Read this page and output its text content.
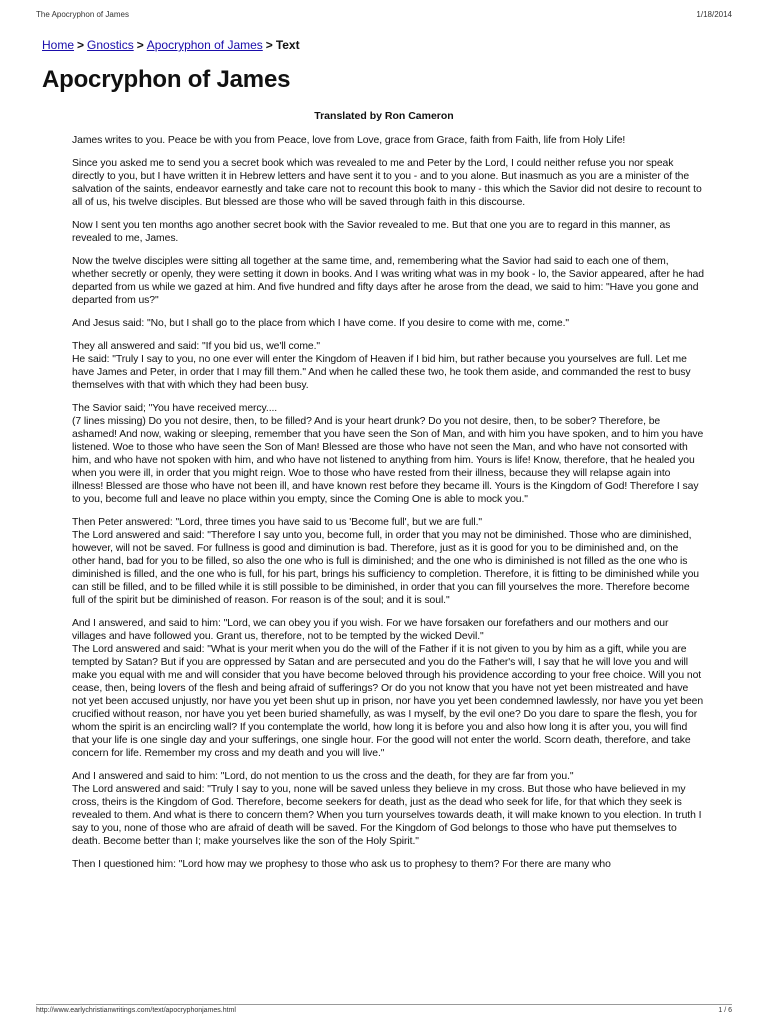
The Apocryphon of James	1/18/2014
Home > Gnostics > Apocryphon of James > Text
Apocryphon of James
Translated by Ron Cameron

James writes to you. Peace be with you from Peace, love from Love, grace from Grace, faith from Faith, life from Holy Life!

Since you asked me to send you a secret book which was revealed to me and Peter by the Lord, I could neither refuse you nor speak directly to you, but I have written it in Hebrew letters and have sent it to you - and to you alone. But inasmuch as you are a minister of the salvation of the saints, endeavor earnestly and take care not to recount this book to many - this which the Savior did not desire to recount to all of us, his twelve disciples. But blessed are those who will be saved through faith in this discourse.

Now I sent you ten months ago another secret book with the Savior revealed to me. But that one you are to regard in this manner, as revealed to me, James.

Now the twelve disciples were sitting all together at the same time, and, remembering what the Savior had said to each one of them, whether secretly or openly, they were setting it down in books. And I was writing what was in my book - lo, the Savior appeared, after he had departed from us while we gazed at him. And five hundred and fifty days after he arose from the dead, we said to him: "Have you gone and departed from us?"

And Jesus said: "No, but I shall go to the place from which I have come. If you desire to come with me, come."

They all answered and said: "If you bid us, we'll come."
He said: "Truly I say to you, no one ever will enter the Kingdom of Heaven if I bid him, but rather because you yourselves are full. Let me have James and Peter, in order that I may fill them." And when he called these two, he took them aside, and commanded the rest to busy themselves with that with which they had been busy.

The Savior said; "You have received mercy....
(7 lines missing) Do you not desire, then, to be filled? And is your heart drunk? Do you not desire, then, to be sober? Therefore, be ashamed! And now, waking or sleeping, remember that you have seen the Son of Man, and with him you have spoken, and to him you have listened. Woe to those who have seen the Son of Man! Blessed are those who have not seen the Man, and who have not consorted with him, and who have not spoken with him, and who have not listened to anything from him. Yours is life! Know, therefore, that he healed you when you were ill, in order that you might reign. Woe to those who have rested from their illness, because they will relapse again into illness! Blessed are those who have not been ill, and have known rest before they became ill. Yours is the Kingdom of God! Therefore I say to you, become full and leave no place within you empty, since the Coming One is able to mock you."

Then Peter answered: "Lord, three times you have said to us 'Become full', but we are full."
The Lord answered and said: "Therefore I say unto you, become full, in order that you may not be diminished. Those who are diminished, however, will not be saved. For fullness is good and diminution is bad. Therefore, just as it is good for you to be diminished and, on the other hand, bad for you to be filled, so also the one who is full is diminished; and the one who is diminished is not filled as the one who is diminished is filled, and the one who is full, for his part, brings his sufficiency to completion. Therefore, it is fitting to be diminished while you can still be filled, and to be filled while it is still possible to be diminished, in order that you can fill yourselves the more. Therefore become full of the spirit but be diminished of reason. For reason is of the soul; and it is soul."

And I answered, and said to him: "Lord, we can obey you if you wish. For we have forsaken our forefathers and our mothers and our villages and have followed you. Grant us, therefore, not to be tempted by the wicked Devil."
The Lord answered and said: "What is your merit when you do the will of the Father if it is not given to you by him as a gift, while you are tempted by Satan? But if you are oppressed by Satan and are persecuted and you do the Father's will, I say that he will love you and will make you equal with me and will consider that you have become beloved through his providence according to your free choice. Will you not cease, then, being lovers of the flesh and being afraid of sufferings? Or do you not know that you have not yet been mistreated and have not yet been accused unjustly, nor have you yet been shut up in prison, nor have you yet been condemned lawlessly, nor have you yet been crucified without reason, nor have you yet been buried shamefully, as was I myself, by the evil one? Do you dare to spare the flesh, you for whom the spirit is an encircling wall? If you contemplate the world, how long it is before you and also how long it is after you, you will find that your life is one single day and your sufferings, one single hour. For the good will not enter the world. Scorn death, therefore, and take concern for life. Remember my cross and my death and you will live."

And I answered and said to him: "Lord, do not mention to us the cross and the death, for they are far from you."
The Lord answered and said: "Truly I say to you, none will be saved unless they believe in my cross. But those who have believed in my cross, theirs is the Kingdom of God. Therefore, become seekers for death, just as the dead who seek for life, for that which they seek is revealed to them. And what is there to concern them? When you turn yourselves towards death, it will make known to you election. In truth I say to you, none of those who are afraid of death will be saved. For the Kingdom of God belongs to those who have put themselves to death. Become better than I; make yourselves like the son of the Holy Spirit."

Then I questioned him: "Lord how may we prophesy to those who ask us to prophesy to them? For there are many who

http://www.earlychristianwritings.com/text/apocryphonjames.html	1 / 6
